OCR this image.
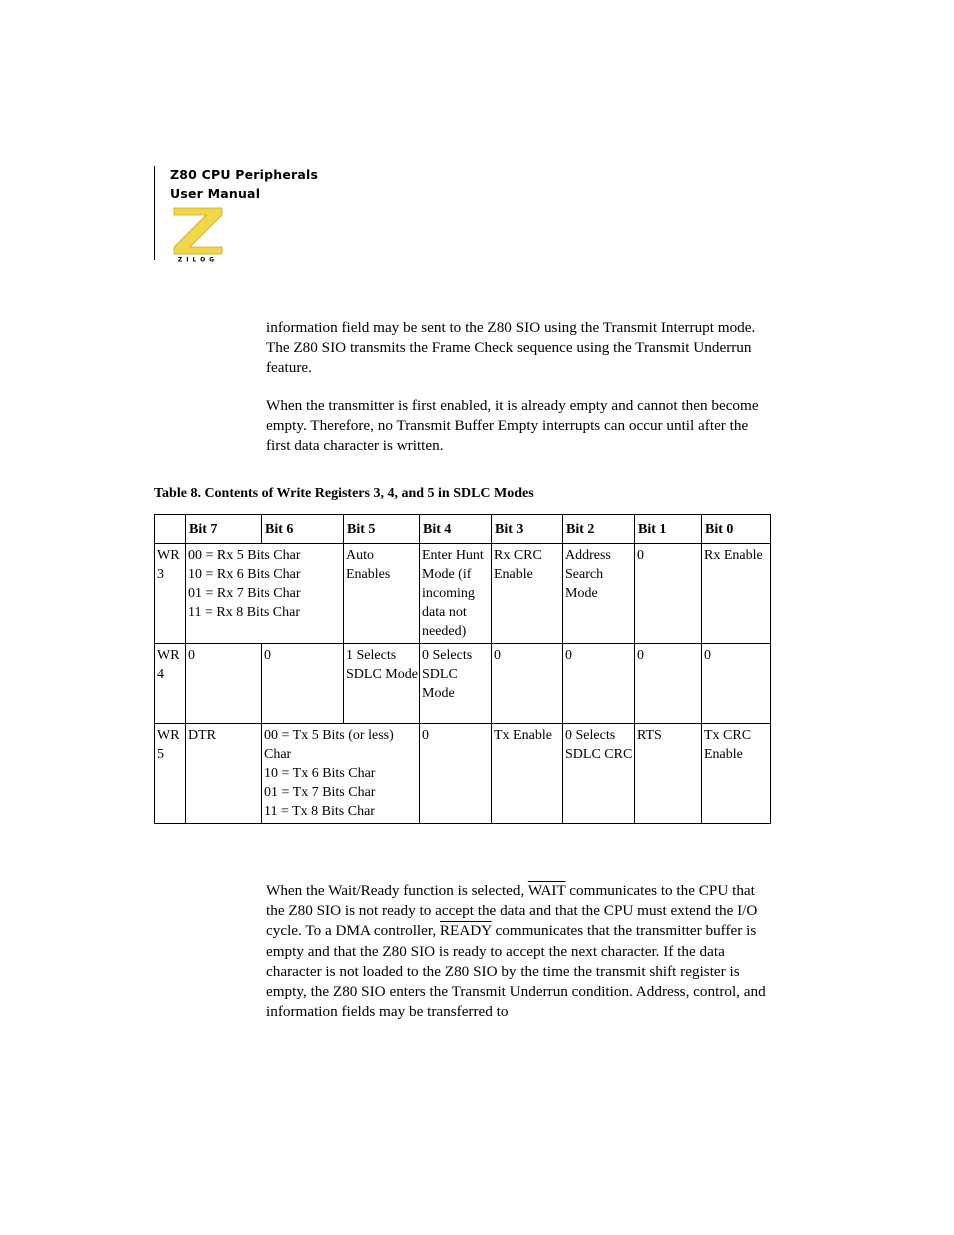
Z80 CPU Peripherals
User Manual
ZILOG

information field may be sent to the Z80 SIO using the Transmit Interrupt mode. The Z80 SIO transmits the Frame Check sequence using the Transmit Underrun feature.

When the transmitter is first enabled, it is already empty and cannot then become empty. Therefore, no Transmit Buffer Empty interrupts can occur until after the first data character is written.

Table 8. Contents of Write Registers 3, 4, and 5 in SDLC Modes
	Bit 7	Bit 6	Bit 5	Bit 4	Bit 3	Bit 2	Bit 1	Bit 0
WR 3	00 = Rx 5 Bits Char
10 = Rx 6 Bits Char
01 = Rx 7 Bits Char
11 = Rx 8 Bits Char		Auto Enables	Enter Hunt Mode (if incoming data not needed)	Rx CRC Enable	Address Search Mode	0	Rx Enable
WR 4	0	0	1 Selects SDLC Mode	0 Selects SDLC Mode	0	0	0	0
WR 5	DTR	00 = Tx 5 Bits (or less) Char
10 = Tx 6 Bits Char
01 = Tx 7 Bits Char
11 = Tx 8 Bits Char		0	Tx Enable	0 Selects SDLC CRC	RTS	Tx CRC Enable

When the Wait/Ready function is selected, WAIT communicates to the CPU that the Z80 SIO is not ready to accept the data and that the CPU must extend the I/O cycle. To a DMA controller, READY communicates that the transmitter buffer is empty and that the Z80 SIO is ready to accept the next character. If the data character is not loaded to the Z80 SIO by the time the transmit shift register is empty, the Z80 SIO enters the Transmit Underrun condition. Address, control, and information fields may be transferred to
